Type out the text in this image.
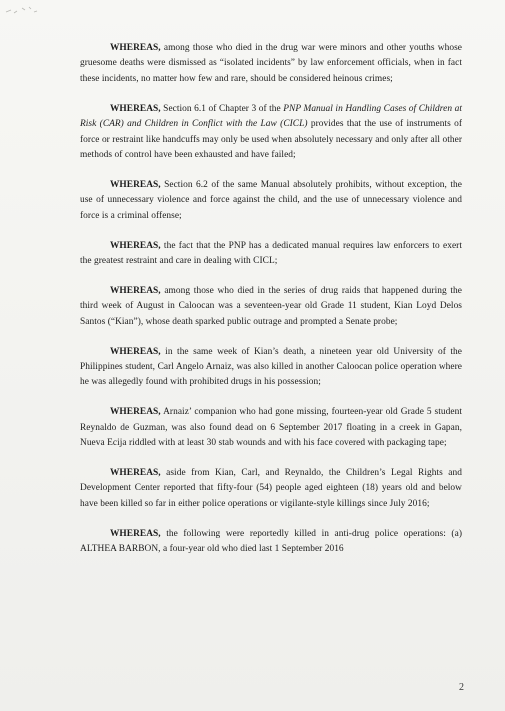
WHEREAS, among those who died in the drug war were minors and other youths whose gruesome deaths were dismissed as “isolated incidents” by law enforcement officials, when in fact these incidents, no matter how few and rare, should be considered heinous crimes;

WHEREAS, Section 6.1 of Chapter 3 of the PNP Manual in Handling Cases of Children at Risk (CAR) and Children in Conflict with the Law (CICL) provides that the use of instruments of force or restraint like handcuffs may only be used when absolutely necessary and only after all other methods of control have been exhausted and have failed;

WHEREAS, Section 6.2 of the same Manual absolutely prohibits, without exception, the use of unnecessary violence and force against the child, and the use of unnecessary violence and force is a criminal offense;

WHEREAS, the fact that the PNP has a dedicated manual requires law enforcers to exert the greatest restraint and care in dealing with CICL;

WHEREAS, among those who died in the series of drug raids that happened during the third week of August in Caloocan was a seventeen-year old Grade 11 student, Kian Loyd Delos Santos (“Kian”), whose death sparked public outrage and prompted a Senate probe;

WHEREAS, in the same week of Kian’s death, a nineteen year old University of the Philippines student, Carl Angelo Arnaiz, was also killed in another Caloocan police operation where he was allegedly found with prohibited drugs in his possession;

WHEREAS, Arnaiz’ companion who had gone missing, fourteen-year old Grade 5 student Reynaldo de Guzman, was also found dead on 6 September 2017 floating in a creek in Gapan, Nueva Ecija riddled with at least 30 stab wounds and with his face covered with packaging tape;

WHEREAS, aside from Kian, Carl, and Reynaldo, the Children’s Legal Rights and Development Center reported that fifty-four (54) people aged eighteen (18) years old and below have been killed so far in either police operations or vigilante-style killings since July 2016;

WHEREAS, the following were reportedly killed in anti-drug police operations: (a) ALTHEA BARBON, a four-year old who died last 1 September 2016

2
